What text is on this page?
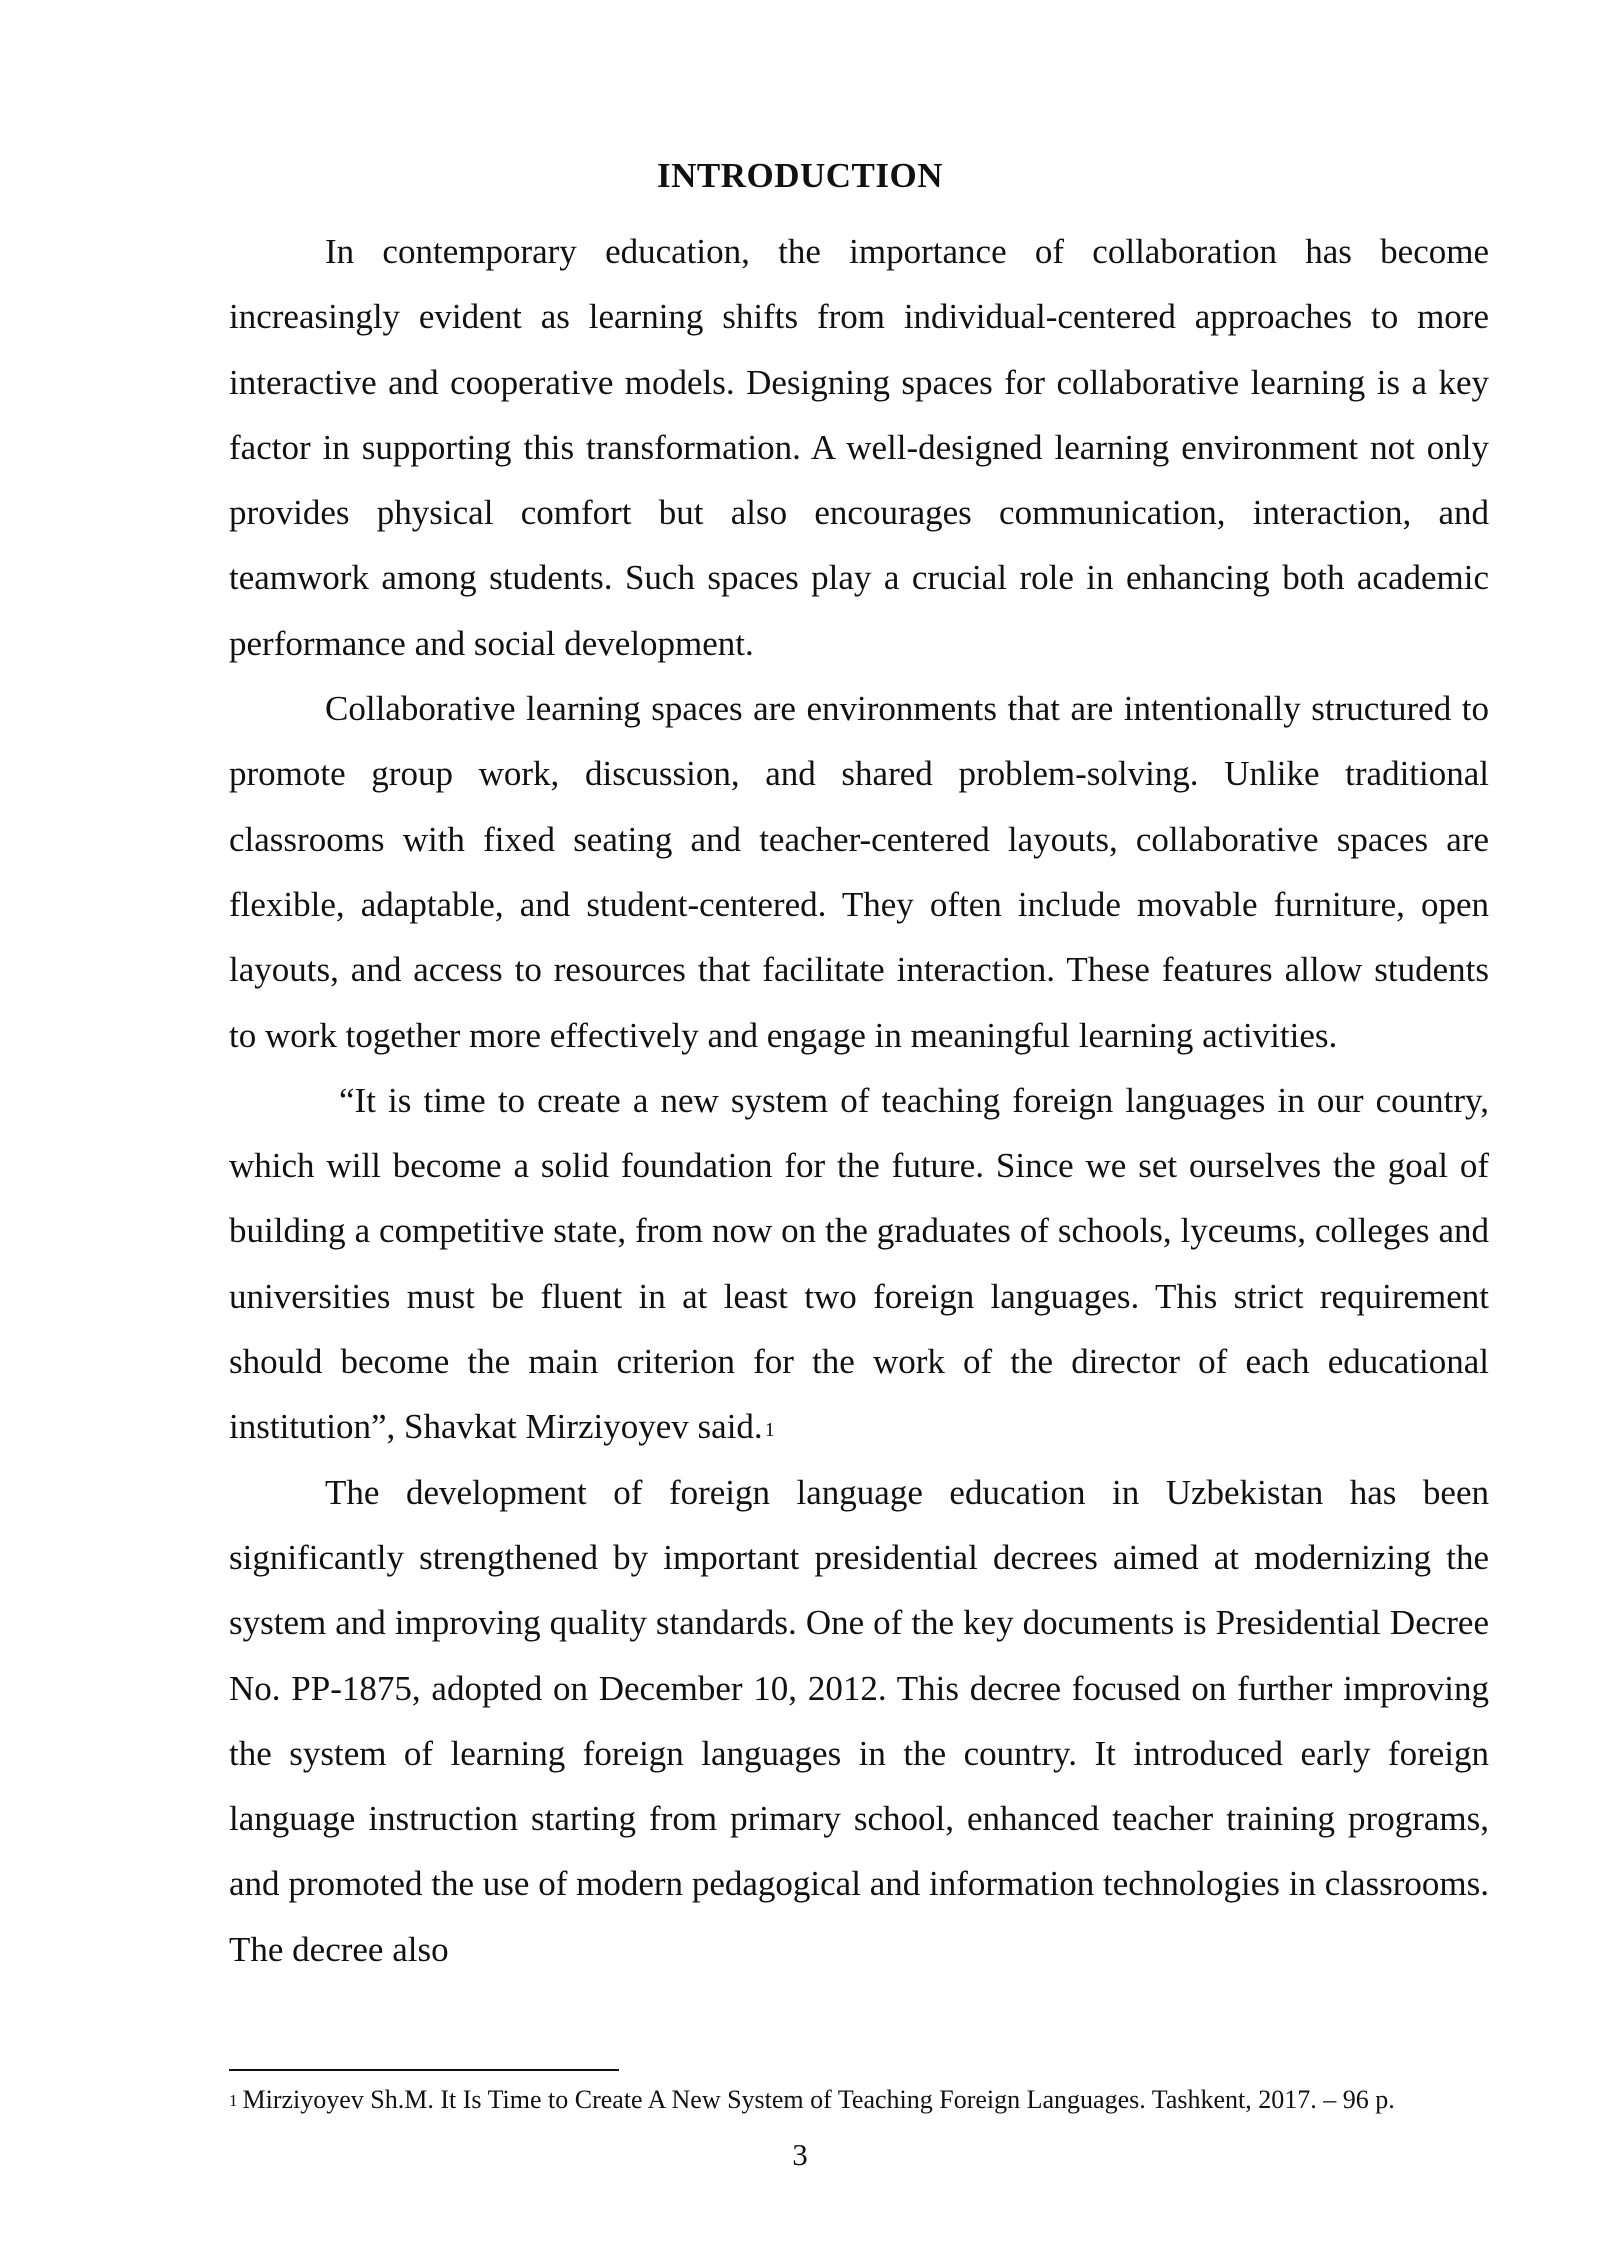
INTRODUCTION

In contemporary education, the importance of collaboration has become increasingly evident as learning shifts from individual-centered approaches to more interactive and cooperative models. Designing spaces for collaborative learning is a key factor in supporting this transformation. A well-designed learning environment not only provides physical comfort but also encourages communication, interaction, and teamwork among students. Such spaces play a crucial role in enhancing both academic performance and social development.

Collaborative learning spaces are environments that are intentionally structured to promote group work, discussion, and shared problem-solving. Unlike traditional classrooms with fixed seating and teacher-centered layouts, collaborative spaces are flexible, adaptable, and student-centered. They often include movable furniture, open layouts, and access to resources that facilitate interaction. These features allow students to work together more effectively and engage in meaningful learning activities.

“It is time to create a new system of teaching foreign languages in our country, which will become a solid foundation for the future. Since we set ourselves the goal of building a competitive state, from now on the graduates of schools, lyceums, colleges and universities must be fluent in at least two foreign languages. This strict requirement should become the main criterion for the work of the director of each educational institution”, Shavkat Mirziyoyev said. $^1$

The development of foreign language education in Uzbekistan has been significantly strengthened by important presidential decrees aimed at modernizing the system and improving quality standards. One of the key documents is Presidential Decree No. PP-1875, adopted on December 10, 2012. This decree focused on further improving the system of learning foreign languages in the country. It introduced early foreign language instruction starting from primary school, enhanced teacher training programs, and promoted the use of modern pedagogical and information technologies in classrooms. The decree also

$^1$ Mirziyoyev Sh.M. It Is Time to Create A New System of Teaching Foreign Languages. Tashkent, 2017. – 96 p.
3
